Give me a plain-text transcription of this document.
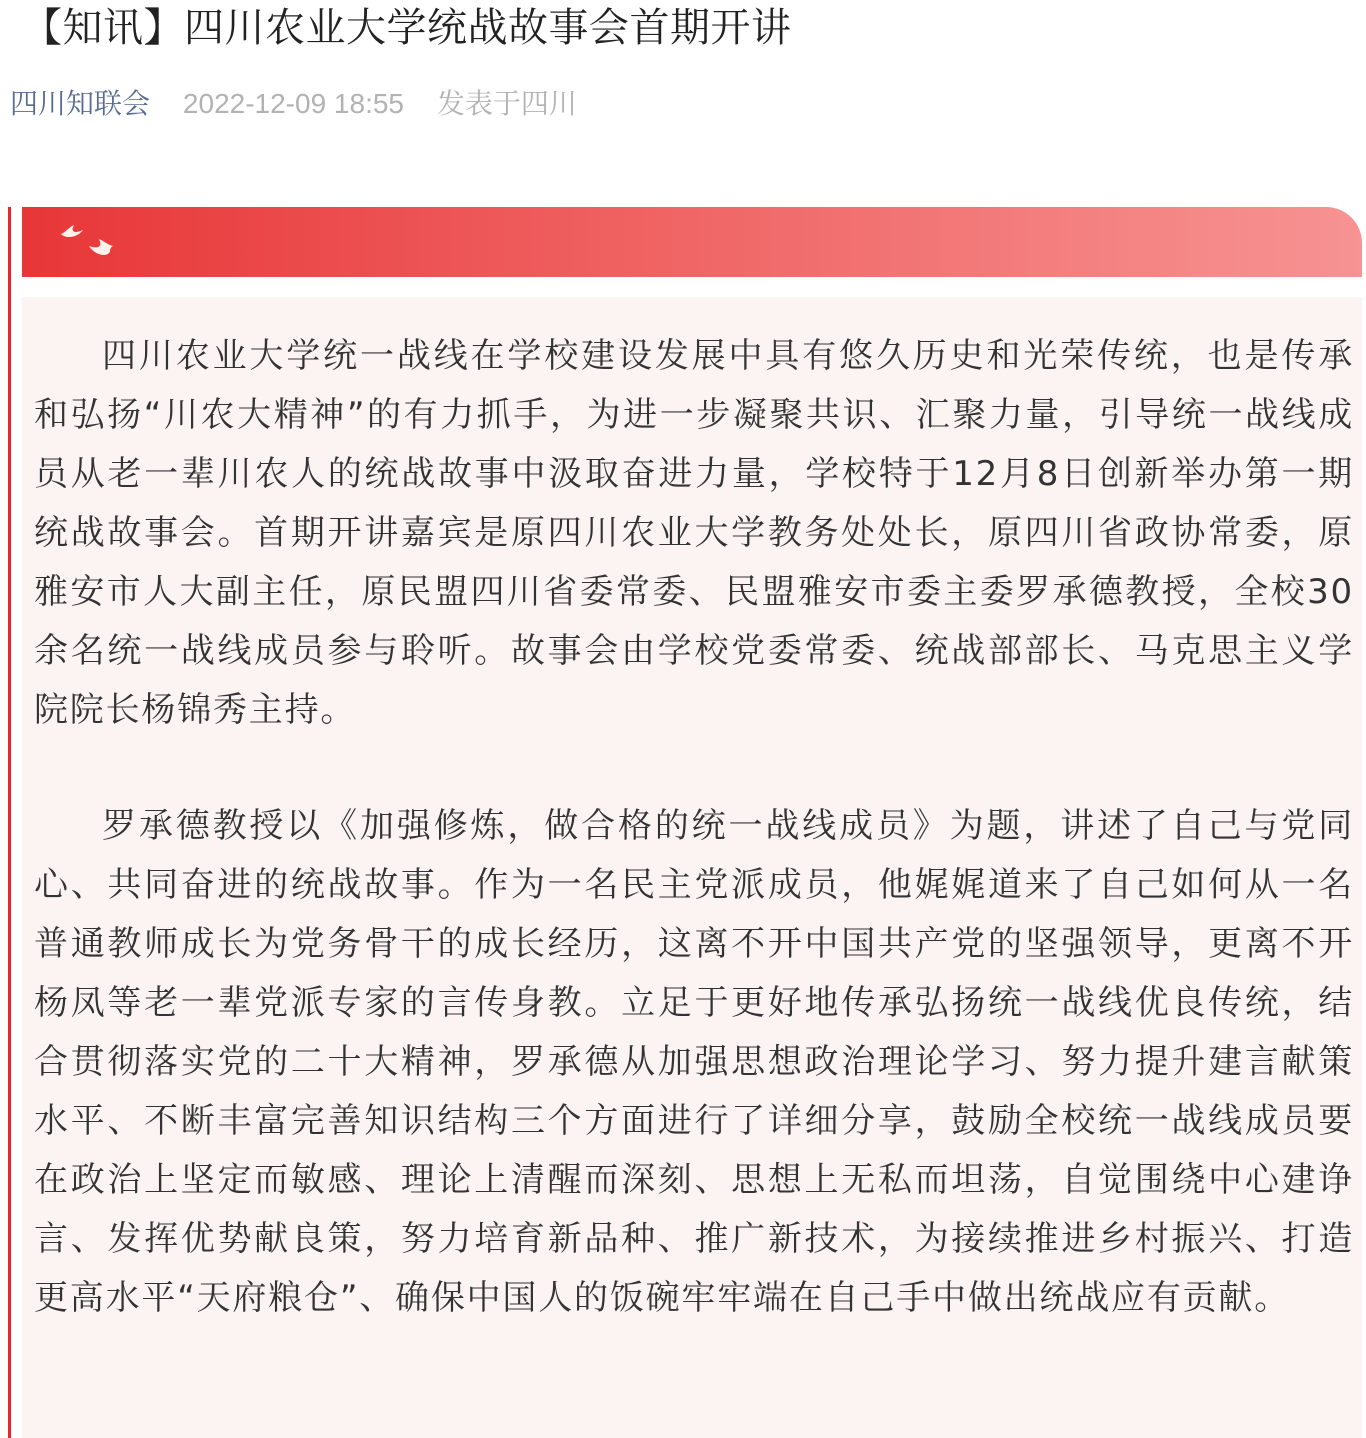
【知讯】四川农业大学统战故事会首期开讲
四川知联会 2022-12-09 18:55 发表于四川

四川农业大学统一战线在学校建设发展中具有悠久历史和光荣传统，也是传承和弘扬“川农大精神”的有力抓手，为进一步凝聚共识、汇聚力量，引导统一战线成员从老一辈川农人的统战故事中汲取奋进力量，学校特于12月8日创新举办第一期统战故事会。首期开讲嘉宾是原四川农业大学教务处处长，原四川省政协常委，原雅安市人大副主任，原民盟四川省委常委、民盟雅安市委主委罗承德教授，全校30余名统一战线成员参与聆听。故事会由学校党委常委、统战部部长、马克思主义学院院长杨锦秀主持。

罗承德教授以《加强修炼，做合格的统一战线成员》为题，讲述了自己与党同心、共同奋进的统战故事。作为一名民主党派成员，他娓娓道来了自己如何从一名普通教师成长为党务骨干的成长经历，这离不开中国共产党的坚强领导，更离不开杨凤等老一辈党派专家的言传身教。立足于更好地传承弘扬统一战线优良传统，结合贯彻落实党的二十大精神，罗承德从加强思想政治理论学习、努力提升建言献策水平、不断丰富完善知识结构三个方面进行了详细分享，鼓励全校统一战线成员要在政治上坚定而敏感、理论上清醒而深刻、思想上无私而坦荡，自觉围绕中心建诤言、发挥优势献良策，努力培育新品种、推广新技术，为接续推进乡村振兴、打造更高水平“天府粮仓”、确保中国人的饭碗牢牢端在自己手中做出统战应有贡献。
